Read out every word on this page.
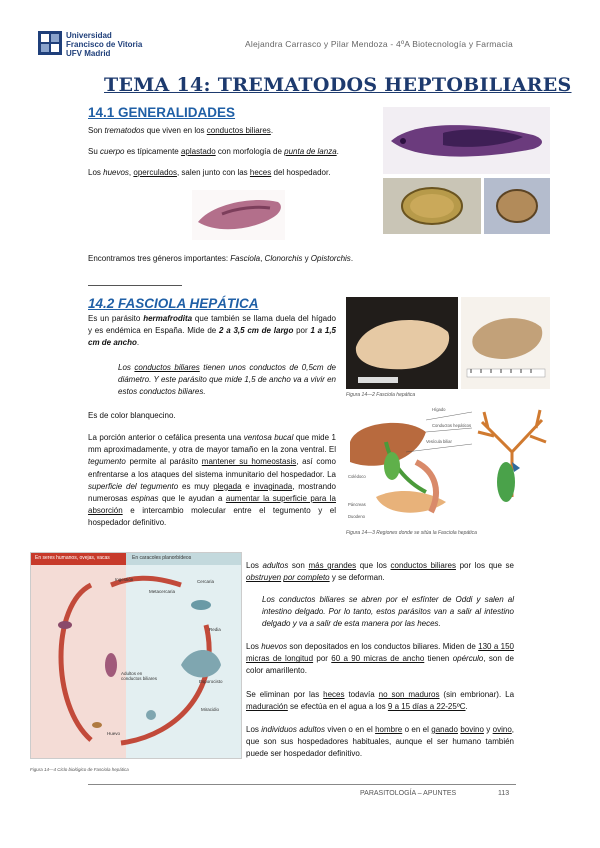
Universidad
Francisco de Vitoria
UFV Madrid
Alejandra Carrasco y Pilar Mendoza - 4ºA Biotecnología y Farmacia
TEMA 14: TREMATODOS HEPTOBILIARES
14.1 GENERALIDADES
Son trematodos que viven en los conductos biliares.
Su cuerpo es típicamente aplastado con morfología de punta de lanza.
Los huevos, operculados, salen junto con las heces del hospedador.
Encontramos tres géneros importantes: Fasciola, Clonorchis y Opistorchis.
14.2 FASCIOLA HEPÁTICA
Es un parásito hermafrodita que también se llama duela del hígado y es endémica en España. Mide de 2 a 3,5 cm de largo por 1 a 1,5 cm de ancho.
Los conductos biliares tienen unos conductos de 0,5cm de diámetro. Y este parásito que mide 1,5 de ancho va a vivir en estos conductos biliares.
Es de color blanquecino.
La porción anterior o cefálica presenta una ventosa bucal que mide 1 mm aproximadamente, y otra de mayor tamaño en la zona ventral. El tegumento permite al parásito mantener su homeostasis, así como enfrentarse a los ataques del sistema inmunitario del hospedador. La superficie del tegumento es muy plegada e invaginada, mostrando numerosas espinas que le ayudan a aumentar la superficie para la absorción e intercambio molecular entre el tegumento y el hospedador definitivo.
Figura 14—2 Fasciola hepática
Hígado
Conductos hepáticos
Vesícula biliar
Colédoco
Páncreas
Duodeno
Figura 14—3 Regiones donde se sitúa la Fasciola hepática
En seres humanos, ovejas, vacas	En caracoles planorbídeos
Ingestión
Metacercaria
Adultos en conductos biliares
Huevo
Miracidio
Esporocisto
Redia
Cercaria
Figura 14—4 Ciclo biológico de Fasciola hepática
Los adultos son más grandes que los conductos biliares por los que se obstruyen por completo y se deforman.
Los conductos biliares se abren por el esfínter de Oddi y salen al intestino delgado. Por lo tanto, estos parásitos van a salir al intestino delgado y va a salir de esta manera por las heces.
Los huevos son depositados en los conductos biliares. Miden de 130 a 150 micras de longitud por 60 a 90 micras de ancho tienen opérculo, son de color amarillento.
Se eliminan por las heces todavía no son maduros (sin embrionar). La maduración se efectúa en el agua a los 9 a 15 días a 22-25ºC.
Los individuos adultos viven o en el hombre o en el ganado bovino y ovino, que son sus hospedadores habituales, aunque el ser humano también puede ser hospedador definitivo.
PARASITOLOGÍA – APUNTES	113
